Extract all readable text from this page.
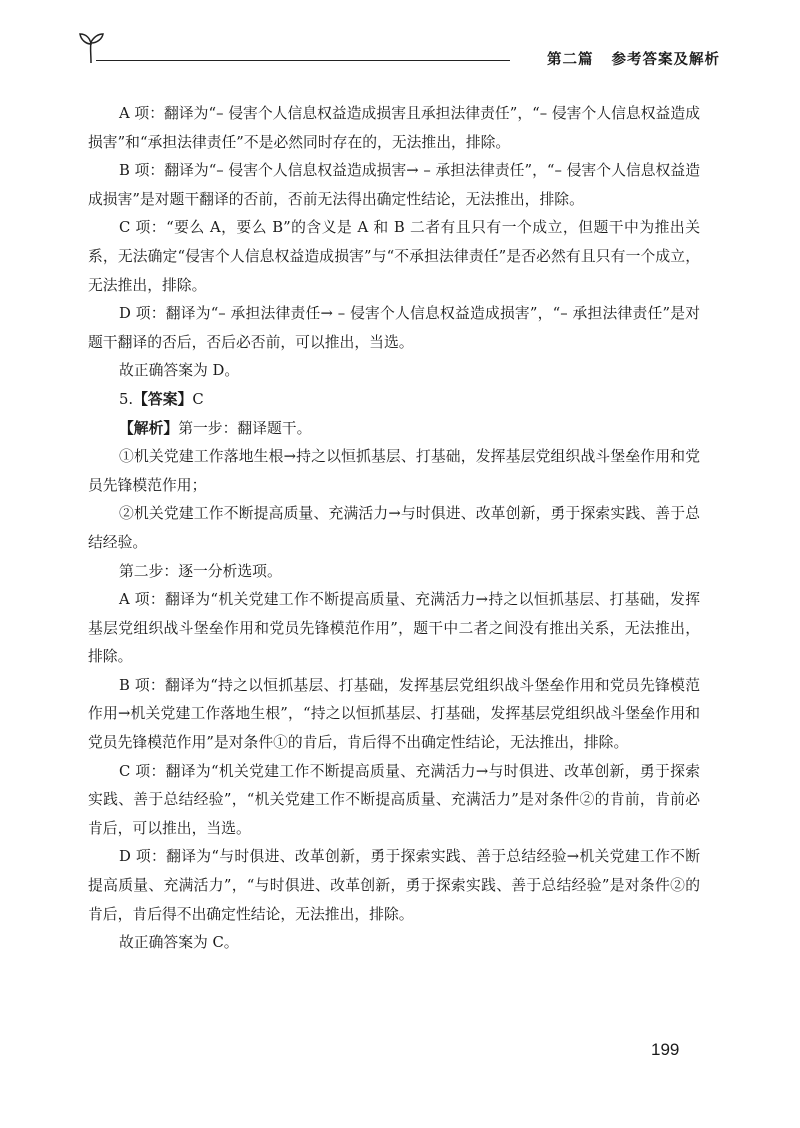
第二篇 参考答案及解析

A 项：翻译为“– 侵害个人信息权益造成损害且承担法律责任”，“– 侵害个人信息权益造成损害”和“承担法律责任”不是必然同时存在的，无法推出，排除。

B 项：翻译为“– 侵害个人信息权益造成损害→ – 承担法律责任”，“– 侵害个人信息权益造成损害”是对题干翻译的否前，否前无法得出确定性结论，无法推出，排除。

C 项：“要么 A，要么 B”的含义是 A 和 B 二者有且只有一个成立，但题干中为推出关系，无法确定“侵害个人信息权益造成损害”与“不承担法律责任”是否必然有且只有一个成立，无法推出，排除。

D 项：翻译为“– 承担法律责任→ – 侵害个人信息权益造成损害”，“– 承担法律责任”是对题干翻译的否后，否后必否前，可以推出，当选。

故正确答案为 D。

5.【答案】C

【解析】第一步：翻译题干。

①机关党建工作落地生根→持之以恒抓基层、打基础，发挥基层党组织战斗堡垒作用和党员先锋模范作用；

②机关党建工作不断提高质量、充满活力→与时俱进、改革创新，勇于探索实践、善于总结经验。

第二步：逐一分析选项。

A 项：翻译为“机关党建工作不断提高质量、充满活力→持之以恒抓基层、打基础，发挥基层党组织战斗堡垒作用和党员先锋模范作用”，题干中二者之间没有推出关系，无法推出，排除。

B 项：翻译为“持之以恒抓基层、打基础，发挥基层党组织战斗堡垒作用和党员先锋模范作用→机关党建工作落地生根”，“持之以恒抓基层、打基础，发挥基层党组织战斗堡垒作用和党员先锋模范作用”是对条件①的肯后，肯后得不出确定性结论，无法推出，排除。

C 项：翻译为“机关党建工作不断提高质量、充满活力→与时俱进、改革创新，勇于探索实践、善于总结经验”，“机关党建工作不断提高质量、充满活力”是对条件②的肯前，肯前必肯后，可以推出，当选。

D 项：翻译为“与时俱进、改革创新，勇于探索实践、善于总结经验→机关党建工作不断提高质量、充满活力”，“与时俱进、改革创新，勇于探索实践、善于总结经验”是对条件②的肯后，肯后得不出确定性结论，无法推出，排除。

故正确答案为 C。

199
